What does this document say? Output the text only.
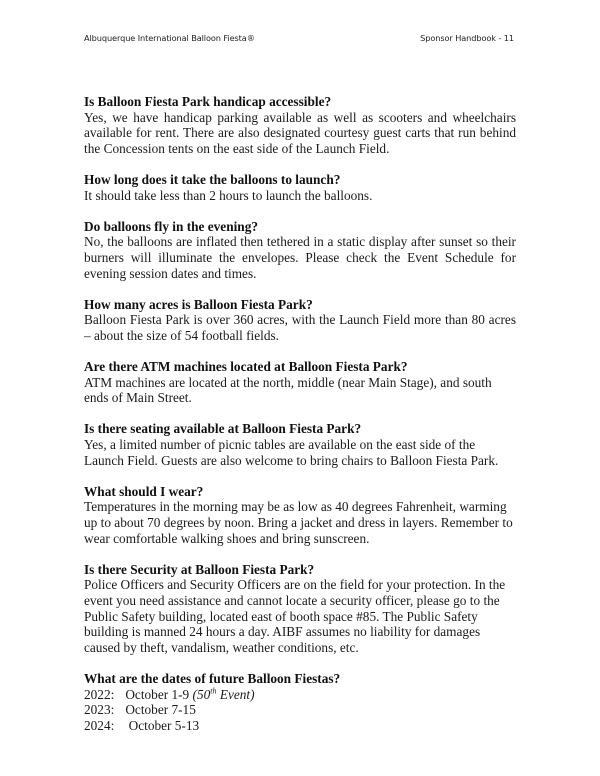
Albuquerque International Balloon Fiesta®	Sponsor Handbook - 11
Is Balloon Fiesta Park handicap accessible?
Yes, we have handicap parking available as well as scooters and wheelchairs available for rent. There are also designated courtesy guest carts that run behind the Concession tents on the east side of the Launch Field.
How long does it take the balloons to launch?
It should take less than 2 hours to launch the balloons.
Do balloons fly in the evening?
No, the balloons are inflated then tethered in a static display after sunset so their burners will illuminate the envelopes. Please check the Event Schedule for evening session dates and times.
How many acres is Balloon Fiesta Park?
Balloon Fiesta Park is over 360 acres, with the Launch Field more than 80 acres – about the size of 54 football fields.
Are there ATM machines located at Balloon Fiesta Park?
ATM machines are located at the north, middle (near Main Stage), and south ends of Main Street.
Is there seating available at Balloon Fiesta Park?
Yes, a limited number of picnic tables are available on the east side of the Launch Field. Guests are also welcome to bring chairs to Balloon Fiesta Park.
What should I wear?
Temperatures in the morning may be as low as 40 degrees Fahrenheit, warming up to about 70 degrees by noon. Bring a jacket and dress in layers. Remember to wear comfortable walking shoes and bring sunscreen.
Is there Security at Balloon Fiesta Park?
Police Officers and Security Officers are on the field for your protection. In the event you need assistance and cannot locate a security officer, please go to the Public Safety building, located east of booth space #85. The Public Safety building is manned 24 hours a day. AIBF assumes no liability for damages caused by theft, vandalism, weather conditions, etc.
What are the dates of future Balloon Fiestas?
2022: October 1-9 (50th Event)
2023: October 7-15
2024:	October 5-13
